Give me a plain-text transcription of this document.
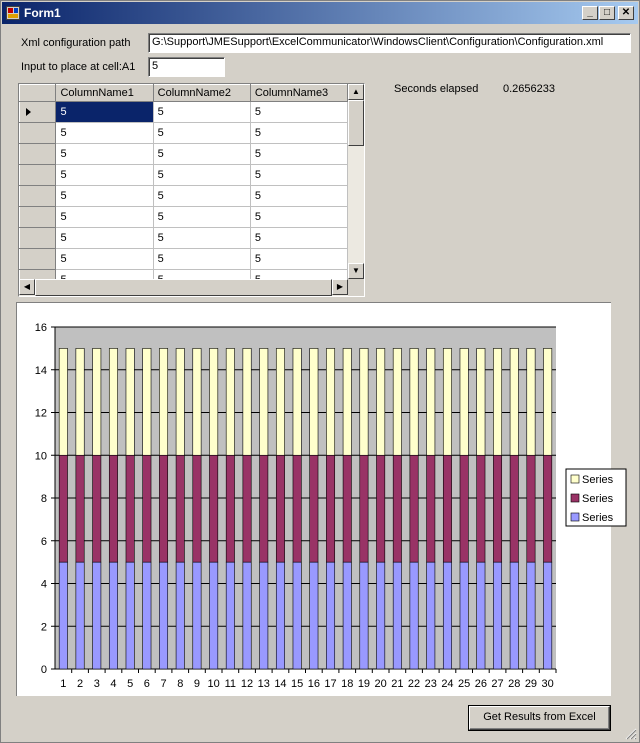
Form1	_	□	✕
Xml configuration path	G:\Support\JMESupport\ExcelCommunicator\WindowsClient\Configuration\Configuration.xml
Input to place at cell:A1	5
Seconds elapsed 0.2656233
	ColumnName1	ColumnName2	ColumnName3

	5	5	5
	5	5	5
	5	5	5
	5	5	5
	5	5	5
	5	5	5
	5	5	5
	5	5	5

▲
▼
◀	▶
0
2
4
6
8
10
12
14
16
1 2 3 4 5 6 7 8 9 10 11 12 13 14 15 16 17 18 19 20 21 22 23 24 25 26 27 28 29 30
Series
Series
Series
Get Results from Excel
